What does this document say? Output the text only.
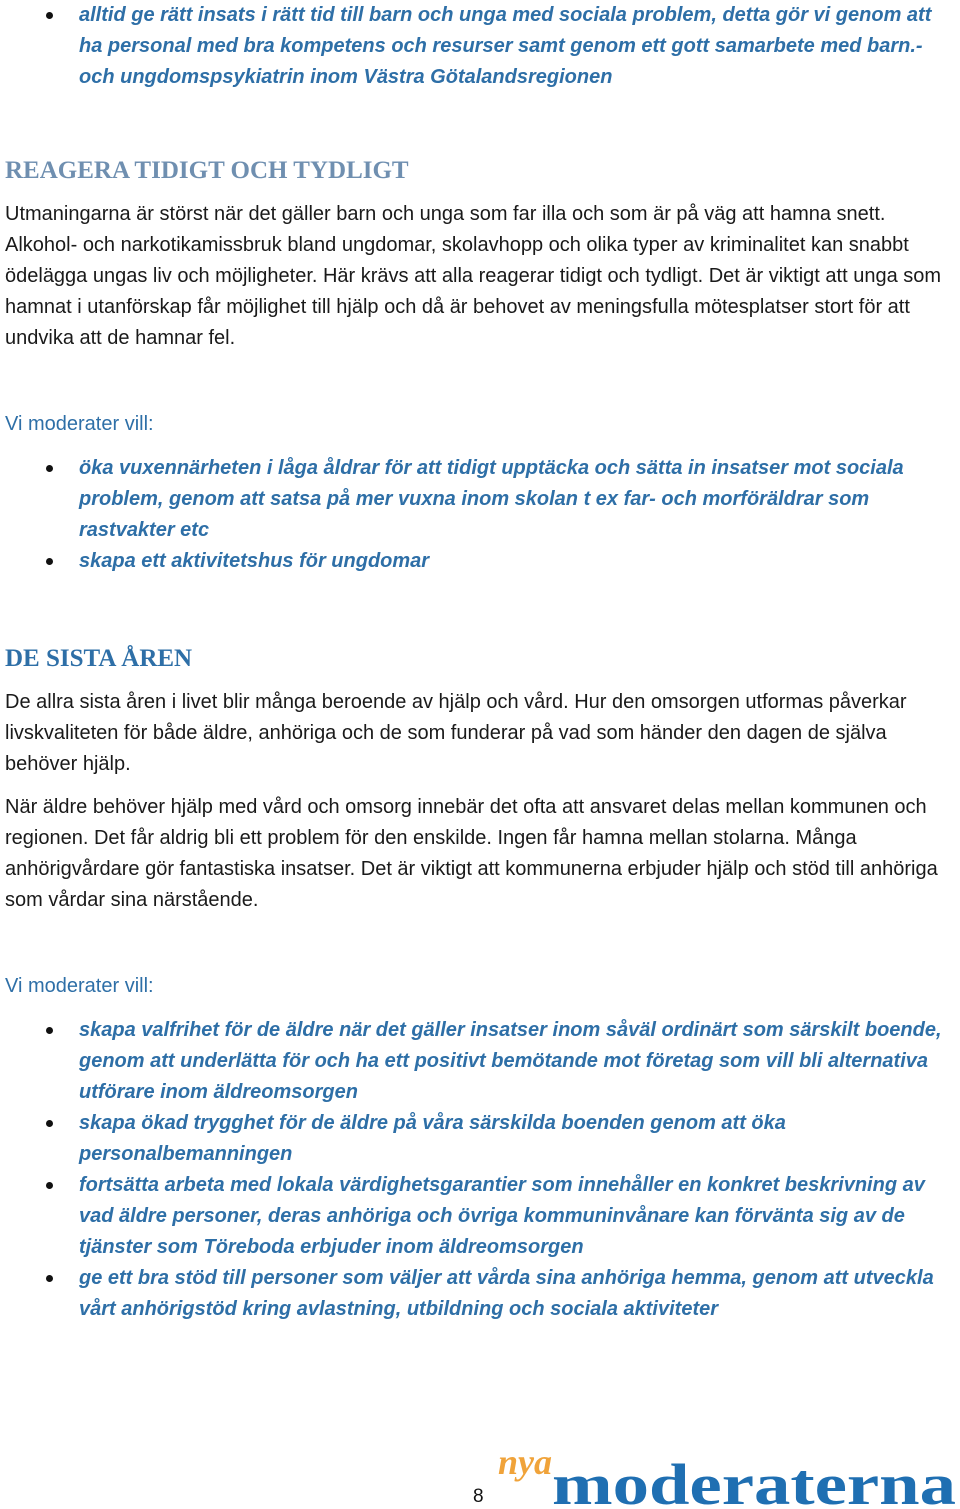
alltid ge rätt insats i rätt tid till barn och unga med sociala problem, detta gör vi genom att ha personal med bra kompetens och resurser samt genom ett gott samarbete med barn.- och ungdomspsykiatrin inom Västra Götalandsregionen
REAGERA TIDIGT OCH TYDLIGT

Utmaningarna är störst när det gäller barn och unga som far illa och som är på väg att hamna snett. Alkohol- och narkotikamissbruk bland ungdomar, skolavhopp och olika typer av kriminalitet kan snabbt ödelägga ungas liv och möjligheter. Här krävs att alla reagerar tidigt och tydligt. Det är viktigt att unga som hamnat i utanförskap får möjlighet till hjälp och då är behovet av meningsfulla mötesplatser stort för att undvika att de hamnar fel.

Vi moderater vill:

öka vuxennärheten i låga åldrar för att tidigt upptäcka och sätta in insatser mot sociala problem, genom att satsa på mer vuxna inom skolan t ex far- och morföräldrar som rastvakter etc
skapa ett aktivitetshus för ungdomar
DE SISTA ÅREN

De allra sista åren i livet blir många beroende av hjälp och vård. Hur den omsorgen utformas påverkar livskvaliteten för både äldre, anhöriga och de som funderar på vad som händer den dagen de själva behöver hjälp.

När äldre behöver hjälp med vård och omsorg innebär det ofta att ansvaret delas mellan kommunen och regionen. Det får aldrig bli ett problem för den enskilde. Ingen får hamna mellan stolarna. Många anhörigvårdare gör fantastiska insatser. Det är viktigt att kommunerna erbjuder hjälp och stöd till anhöriga som vårdar sina närstående.

Vi moderater vill:

skapa valfrihet för de äldre när det gäller insatser inom såväl ordinärt som särskilt boende, genom att underlätta för och ha ett positivt bemötande mot företag som vill bli alternativa utförare inom äldreomsorgen
skapa ökad trygghet för de äldre på våra särskilda boenden genom att öka personalbemanningen
fortsätta arbeta med lokala värdighetsgarantier som innehåller en konkret beskrivning av vad äldre personer, deras anhöriga och övriga kommuninvånare kan förvänta sig av de tjänster som Töreboda erbjuder inom äldreomsorgen
ge ett bra stöd till personer som väljer att vårda sina anhöriga hemma, genom att utveckla vårt anhörigstöd kring avlastning, utbildning och sociala aktiviteter
8
nya moderaterna
